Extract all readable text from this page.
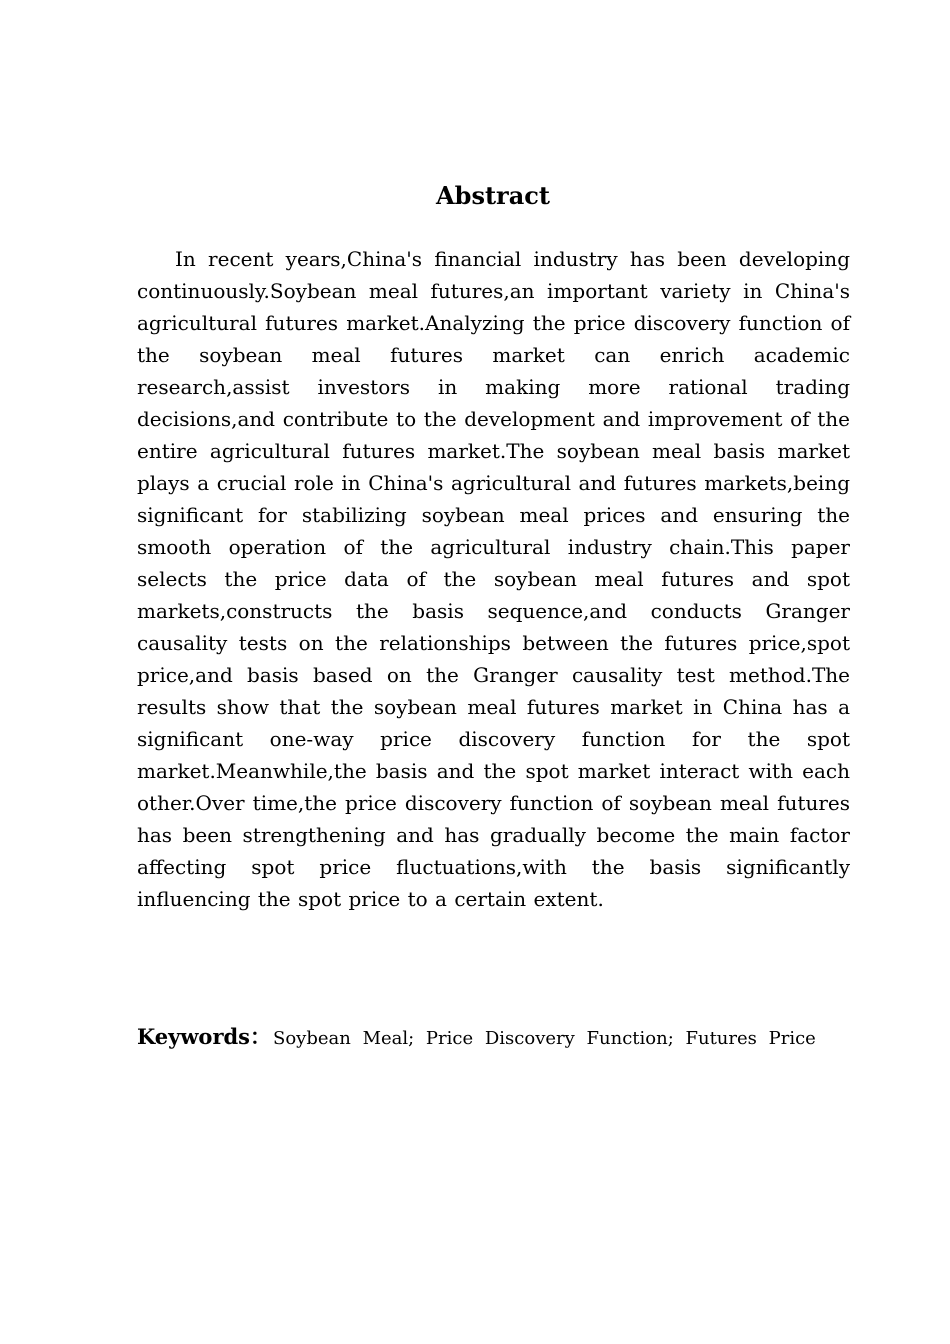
Abstract

In recent years,China's financial industry has been developing continuously.Soybean meal futures,an important variety in China's agricultural futures market.Analyzing the price discovery function of the soybean meal futures market can enrich academic research,assist investors in making more rational trading decisions,and contribute to the development and improvement of the entire agricultural futures market.The soybean meal basis market plays a crucial role in China's agricultural and futures markets,being significant for stabilizing soybean meal prices and ensuring the smooth operation of the agricultural industry chain.This paper selects the price data of the soybean meal futures and spot markets,constructs the basis sequence,and conducts Granger causality tests on the relationships between the futures price,spot price,and basis based on the Granger causality test method.The results show that the soybean meal futures market in China has a significant one-way price discovery function for the spot market.Meanwhile,the basis and the spot market interact with each other.Over time,the price discovery function of soybean meal futures has been strengthening and has gradually become the main factor affecting spot price fluctuations,with the basis significantly influencing the spot price to a certain extent.

Keywords： Soybean Meal; Price Discovery Function; Futures Price
